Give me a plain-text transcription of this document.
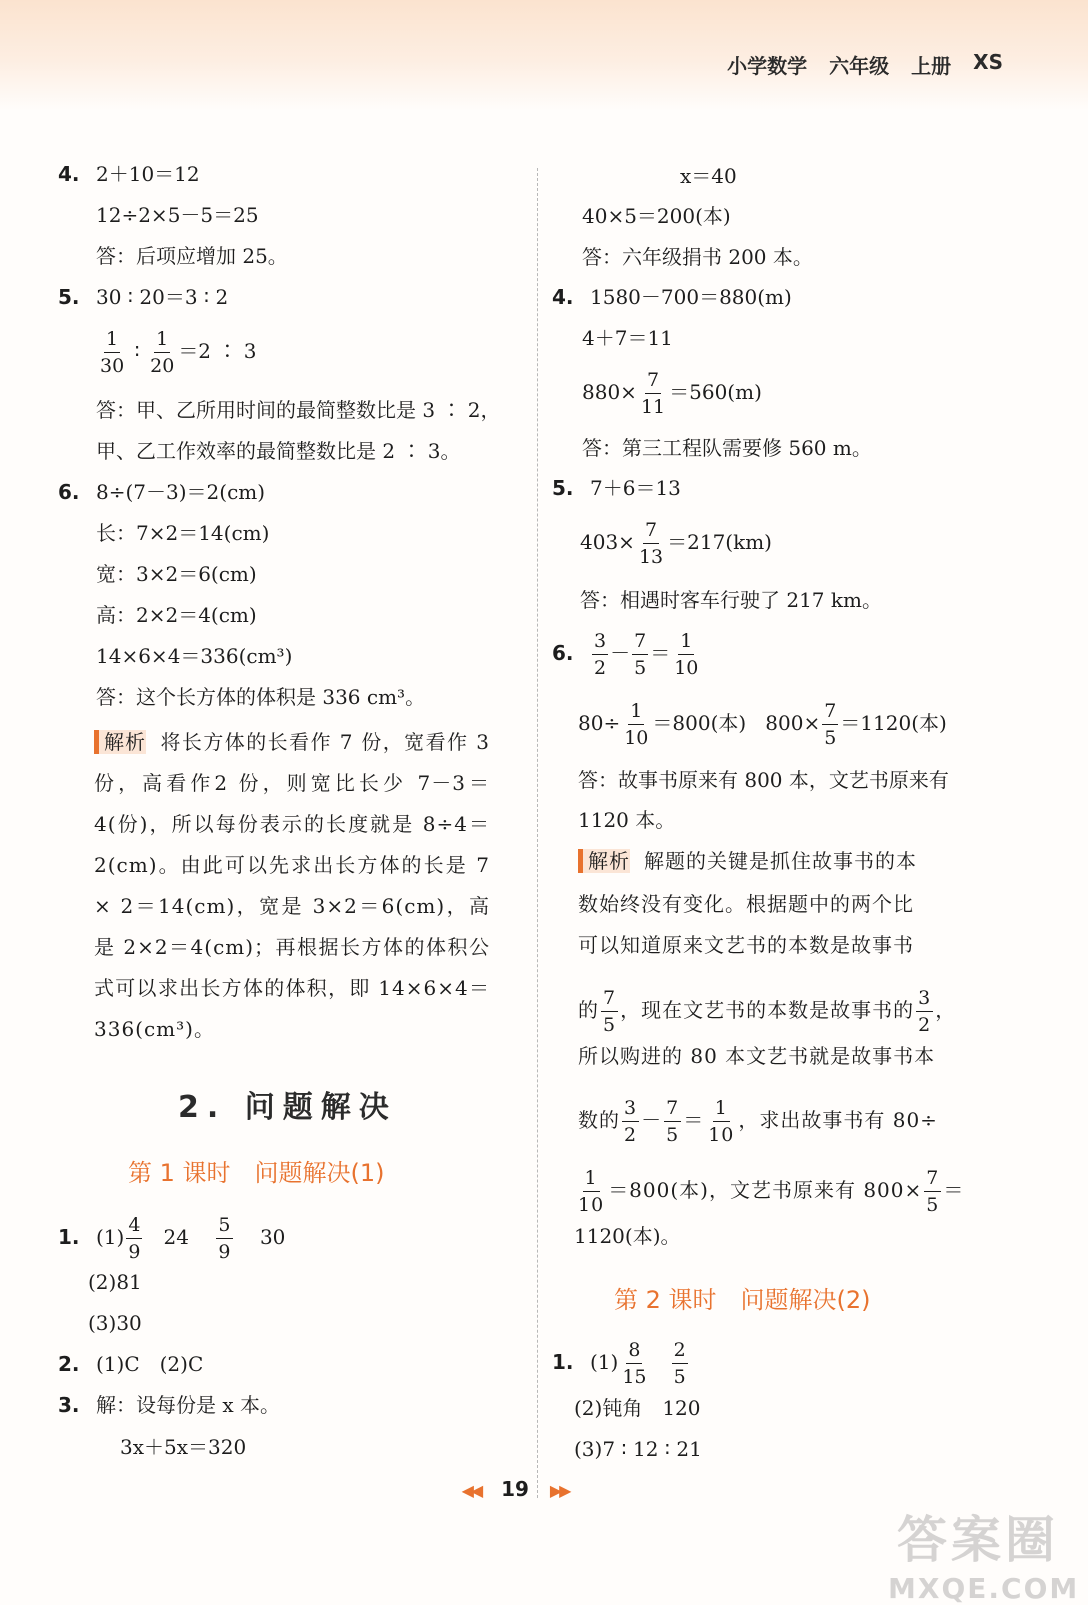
小学数学 六年级 上册 XS
4. 2＋10＝12
12÷2×5－5＝25
答：后项应增加 25。
5. 30 ∶ 20＝3 ∶ 2
$\frac{1}{30}$ ∶ $\frac{1}{20} =2$ ∶ 3
答：甲、乙所用时间的最简整数比是 3 ∶ 2，
甲、乙工作效率的最简整数比是 2 ∶ 3。
6. 8÷(7－3)＝2(cm)
长：7×2＝14(cm)
宽：3×2＝6(cm)
高：2×2＝4(cm)
14×6×4＝336(cm³)
答：这个长方体的体积是 336 cm³。
解析 将长方体的长看作 7 份，宽看作 3 份，高看作2 份，则宽比长少 7－3＝4(份)，所以每份表示的长度就是 8÷4＝2(cm)。由此可以先求出长方体的长是 7 × 2＝14(cm)，宽是 3×2＝6(cm)，高是 2×2＝4(cm)；再根据长方体的体积公式可以求出长方体的体积，即 14×6×4＝336(cm³)。
2. 问题解决
第 1 课时　问题解决(1)
1. $(1) \frac{4}{9} 24 \frac{5}{9} 30$
(2)81
(3)30
2. (1)C　(2)C
3. 解：设每份是 x 本。
3x＋5x＝320
x＝40
40×5＝200(本)
答：六年级捐书 200 本。
4. 1580－700＝880(m)
4＋7＝11
$880\times \frac{7}{11} =560(m)$
答：第三工程队需要修 560 m。
5. 7＋6＝13
$403\times \frac{7}{13} =217(km)$
答：相遇时客车行驶了 217 km。
6. $\frac{3}{2} - \frac{7}{5} = \frac{1}{10}$
$80\div \frac{1}{10} =800$(本) $800\times \frac{7}{5} =1120$(本)
答：故事书原来有 800 本，文艺书原来有
1120 本。
解析 解题的关键是抓住故事书的本
数始终没有变化。根据题中的两个比
可以知道原来文艺书的本数是故事书
的 $\frac{7}{5}$ ，现在文艺书的本数是故事书的 $\frac{3}{2}$ ，
所以购进的 80 本文艺书就是故事书本
数的 $\frac{3}{2} - \frac{7}{5} = \frac{1}{10}$ ，求出故事书有 80÷
$\frac{1}{10} =800$(本)，文艺书原来有 $800\times \frac{7}{5}$ ＝
1120(本)。
第 2 课时　问题解决(2)
1. $(1) \frac{8}{15}$
$\frac{2}{5}$
(2)钝角　120
(3)7 ∶ 12 ∶ 21
◀◀ 19 ▶▶
答案圈
MXQE.COM
